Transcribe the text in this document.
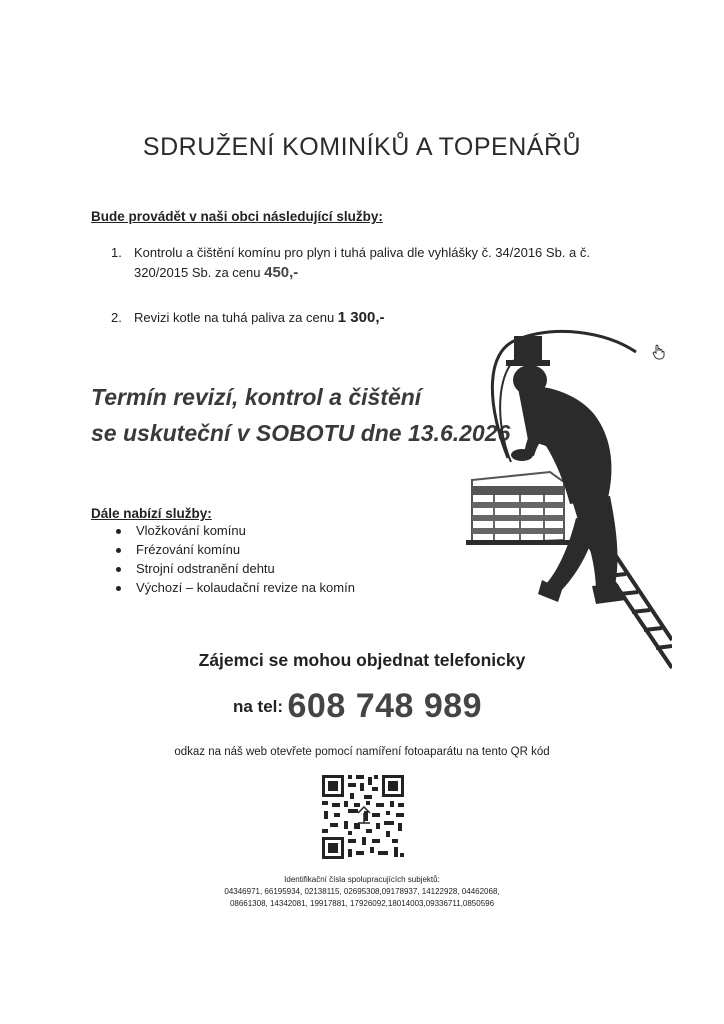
SDRUŽENÍ KOMINÍKŮ A TOPENÁŘŮ
Bude provádět v naši obci následující služby:
1. Kontrolu a čištění komínu pro plyn i tuhá paliva dle vyhlášky č. 34/2016 Sb. a č. 320/2015 Sb. za cenu 450,-
2. Revizi kotle na tuhá paliva za cenu 1 300,-
Termín revizí, kontrol a čištění
se uskuteční v SOBOTU dne 13.6.2026
Dále nabízí služby:
Vložkování komínu
Frézování komínu
Strojní odstranění dehtu
Výchozí – kolaudační revize na komín
Zájemci se mohou objednat telefonicky
na tel: 608 748 989
odkaz na náš web otevřete pomocí namíření fotoaparátu na tento QR kód
Identifikační čísla spolupracujících subjektů:
04346971, 66195934, 02138115, 02695308,09178937, 14122928, 04462068,
08661308, 14342081, 19917881, 17926092,18014003,09336711,0850596
